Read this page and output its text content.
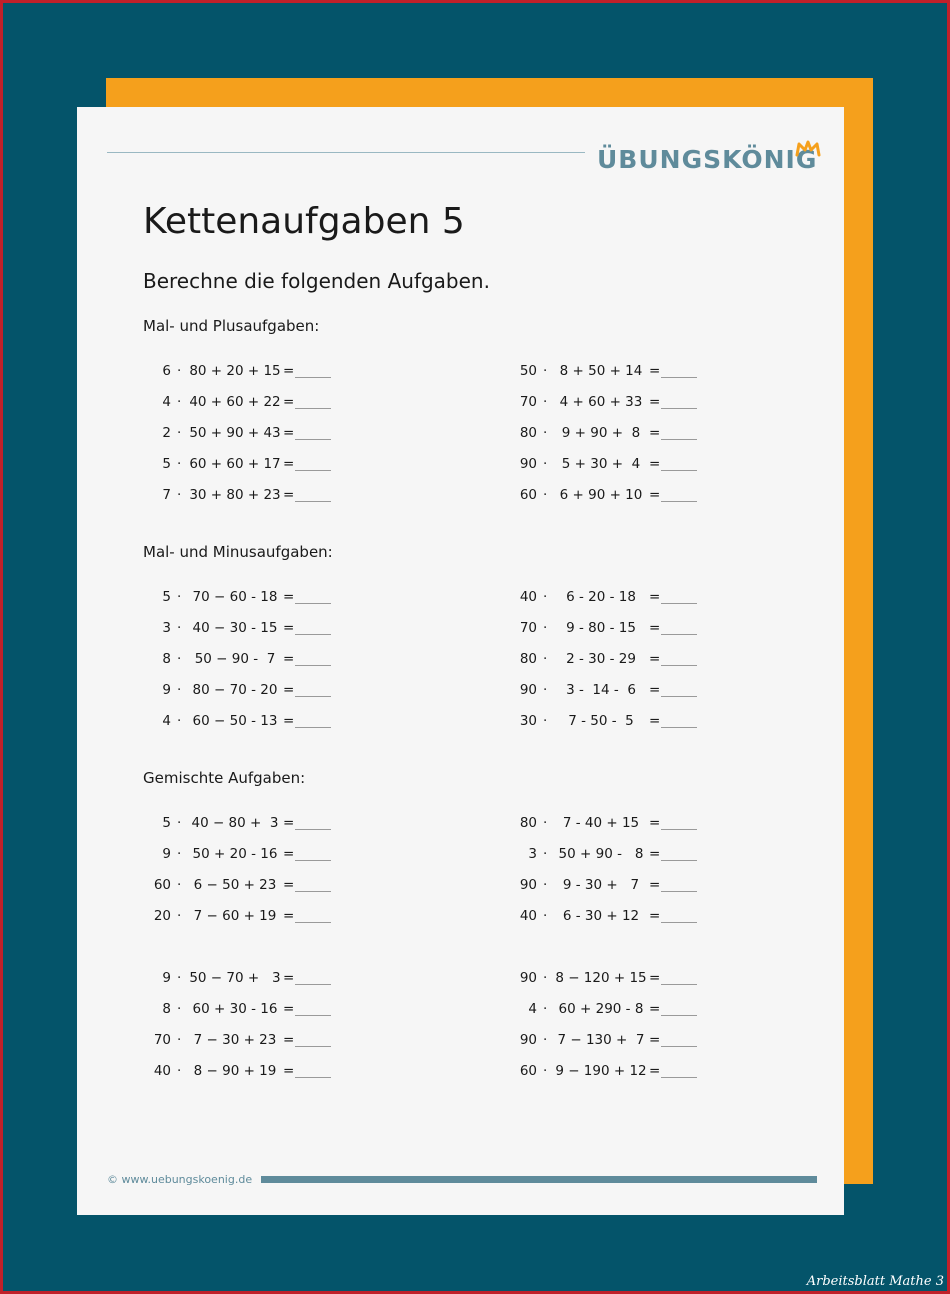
ÜBUNGSKÖNIG
Kettenaufgaben 5
Berechne die folgenden Aufgaben.
Mal- und Plusaufgaben:
6 · 80 + 20 + 15 =
4 · 40 + 60 + 22 =
2 · 50 + 90 + 43 =
5 · 60 + 60 + 17 =
7 · 30 + 80 + 23 =
50 · 8 + 50 + 14 =
70 · 4 + 60 + 33 =
80 ·	9 + 90 +  8 =
90 ·	5 + 30 +  4 =
60 · 6 + 90 + 10 =
Mal- und Minusaufgaben:
5 · 70 − 60 - 18 =
3 · 40 − 30 - 15 =
8 · 50 − 90 -  7 =
9 · 80 − 70 - 20 =
4 · 60 − 50 - 13 =
40 ·	6 - 20 - 18 =
70 ·	9 - 80 - 15 =
80 ·	2 - 30 - 29 =
90 ·	3 -  14 -  6 =
30 ·	7 - 50 -  5	=
Gemischte Aufgaben:
5 · 40 − 80 +  3 =
9 · 50 + 20 - 16 =
60 · 6 − 50 + 23 =
20 · 7 − 60 + 19 =
9 · 50 − 70 +   3 =
8 · 60 + 30 - 16 =
70 · 7 − 30 + 23 =
40 · 8 − 90 + 19 =
80 ·	7 - 40 + 15 =
3 · 50 + 90 -   8 =
90 ·	9 - 30 +   7 =
40 ·	6 - 30 + 12 =
90 · 8 − 120 + 15 =
4 · 60 + 290 - 8 =
90 · 7 − 130 +  7 =
60 · 9 − 190 + 12 =
© www.uebungskoenig.de
Arbeitsblatt Mathe 3
